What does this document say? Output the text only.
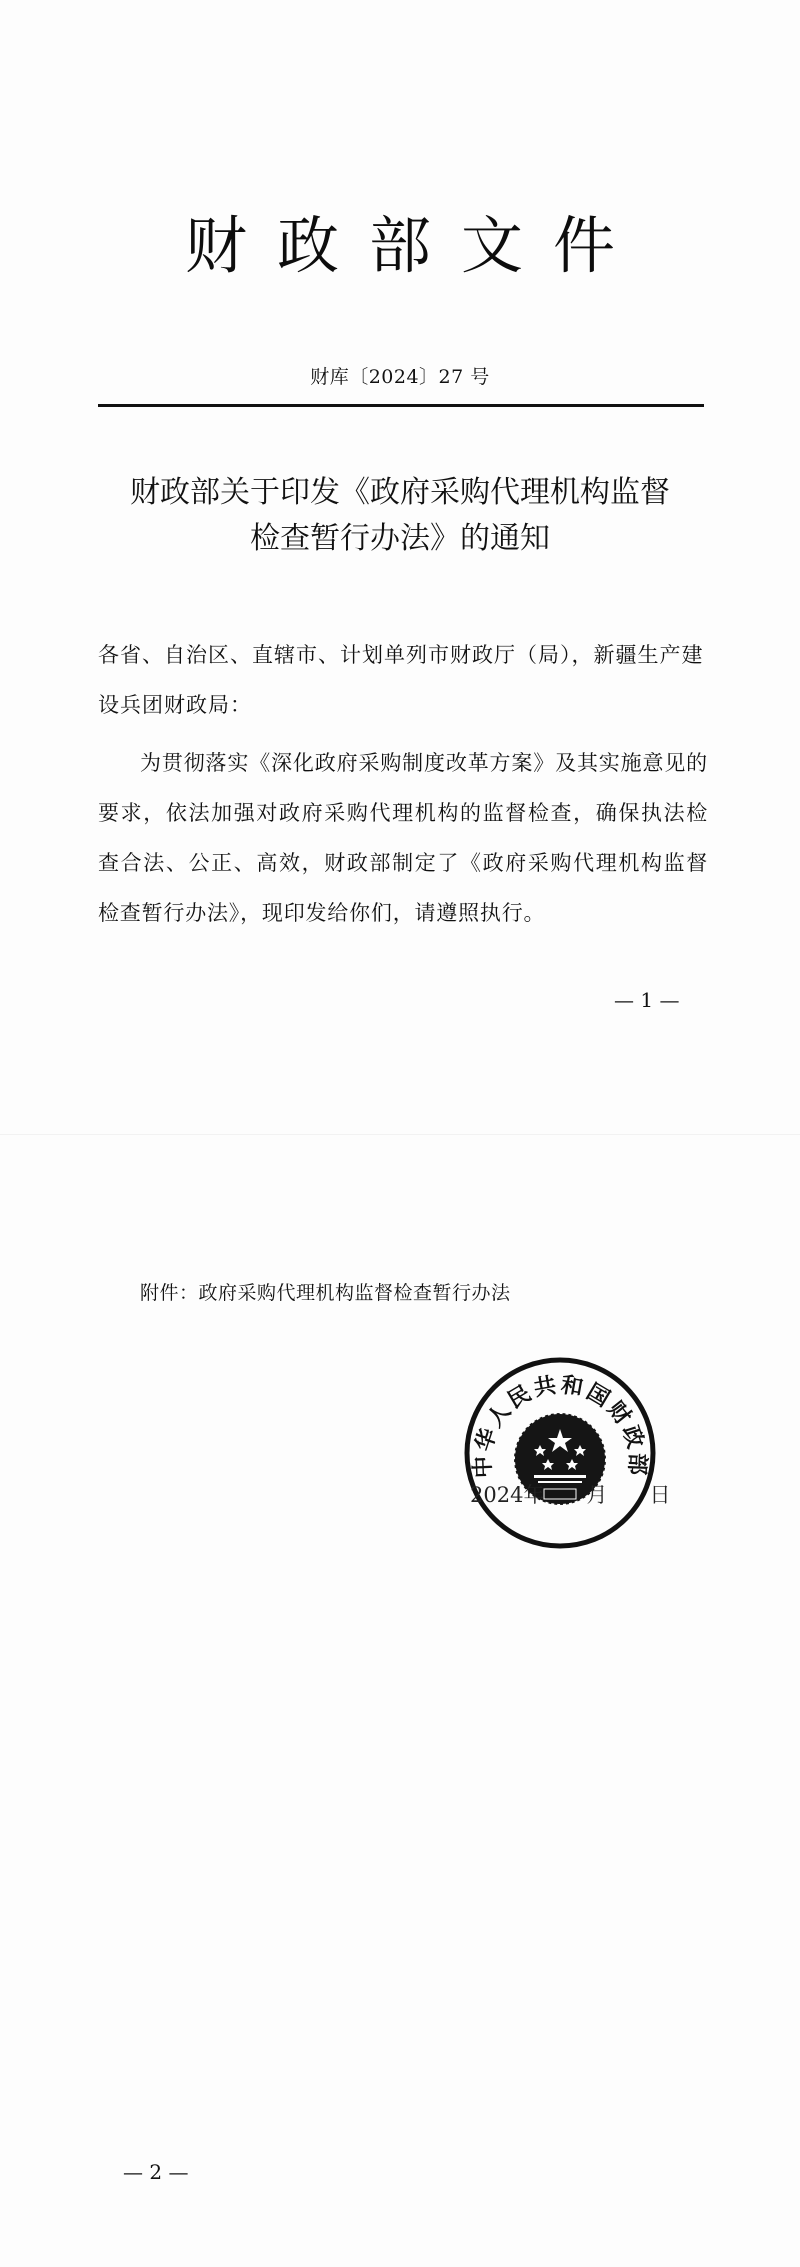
财政部文件
财库〔2024〕27 号
财政部关于印发《政府采购代理机构监督
检查暂行办法》的通知

各省、自治区、直辖市、计划单列市财政厅（局），新疆生产建设兵团财政局：

为贯彻落实《深化政府采购制度改革方案》及其实施意见的要求，依法加强对政府采购代理机构的监督检查，确保执法检查合法、公正、高效，财政部制定了《政府采购代理机构监督检查暂行办法》，现印发给你们，请遵照执行。

— 1 —
附件：政府采购代理机构监督检查暂行办法
中华人民共和国财政部
2024年　　月　　日
— 2 —
